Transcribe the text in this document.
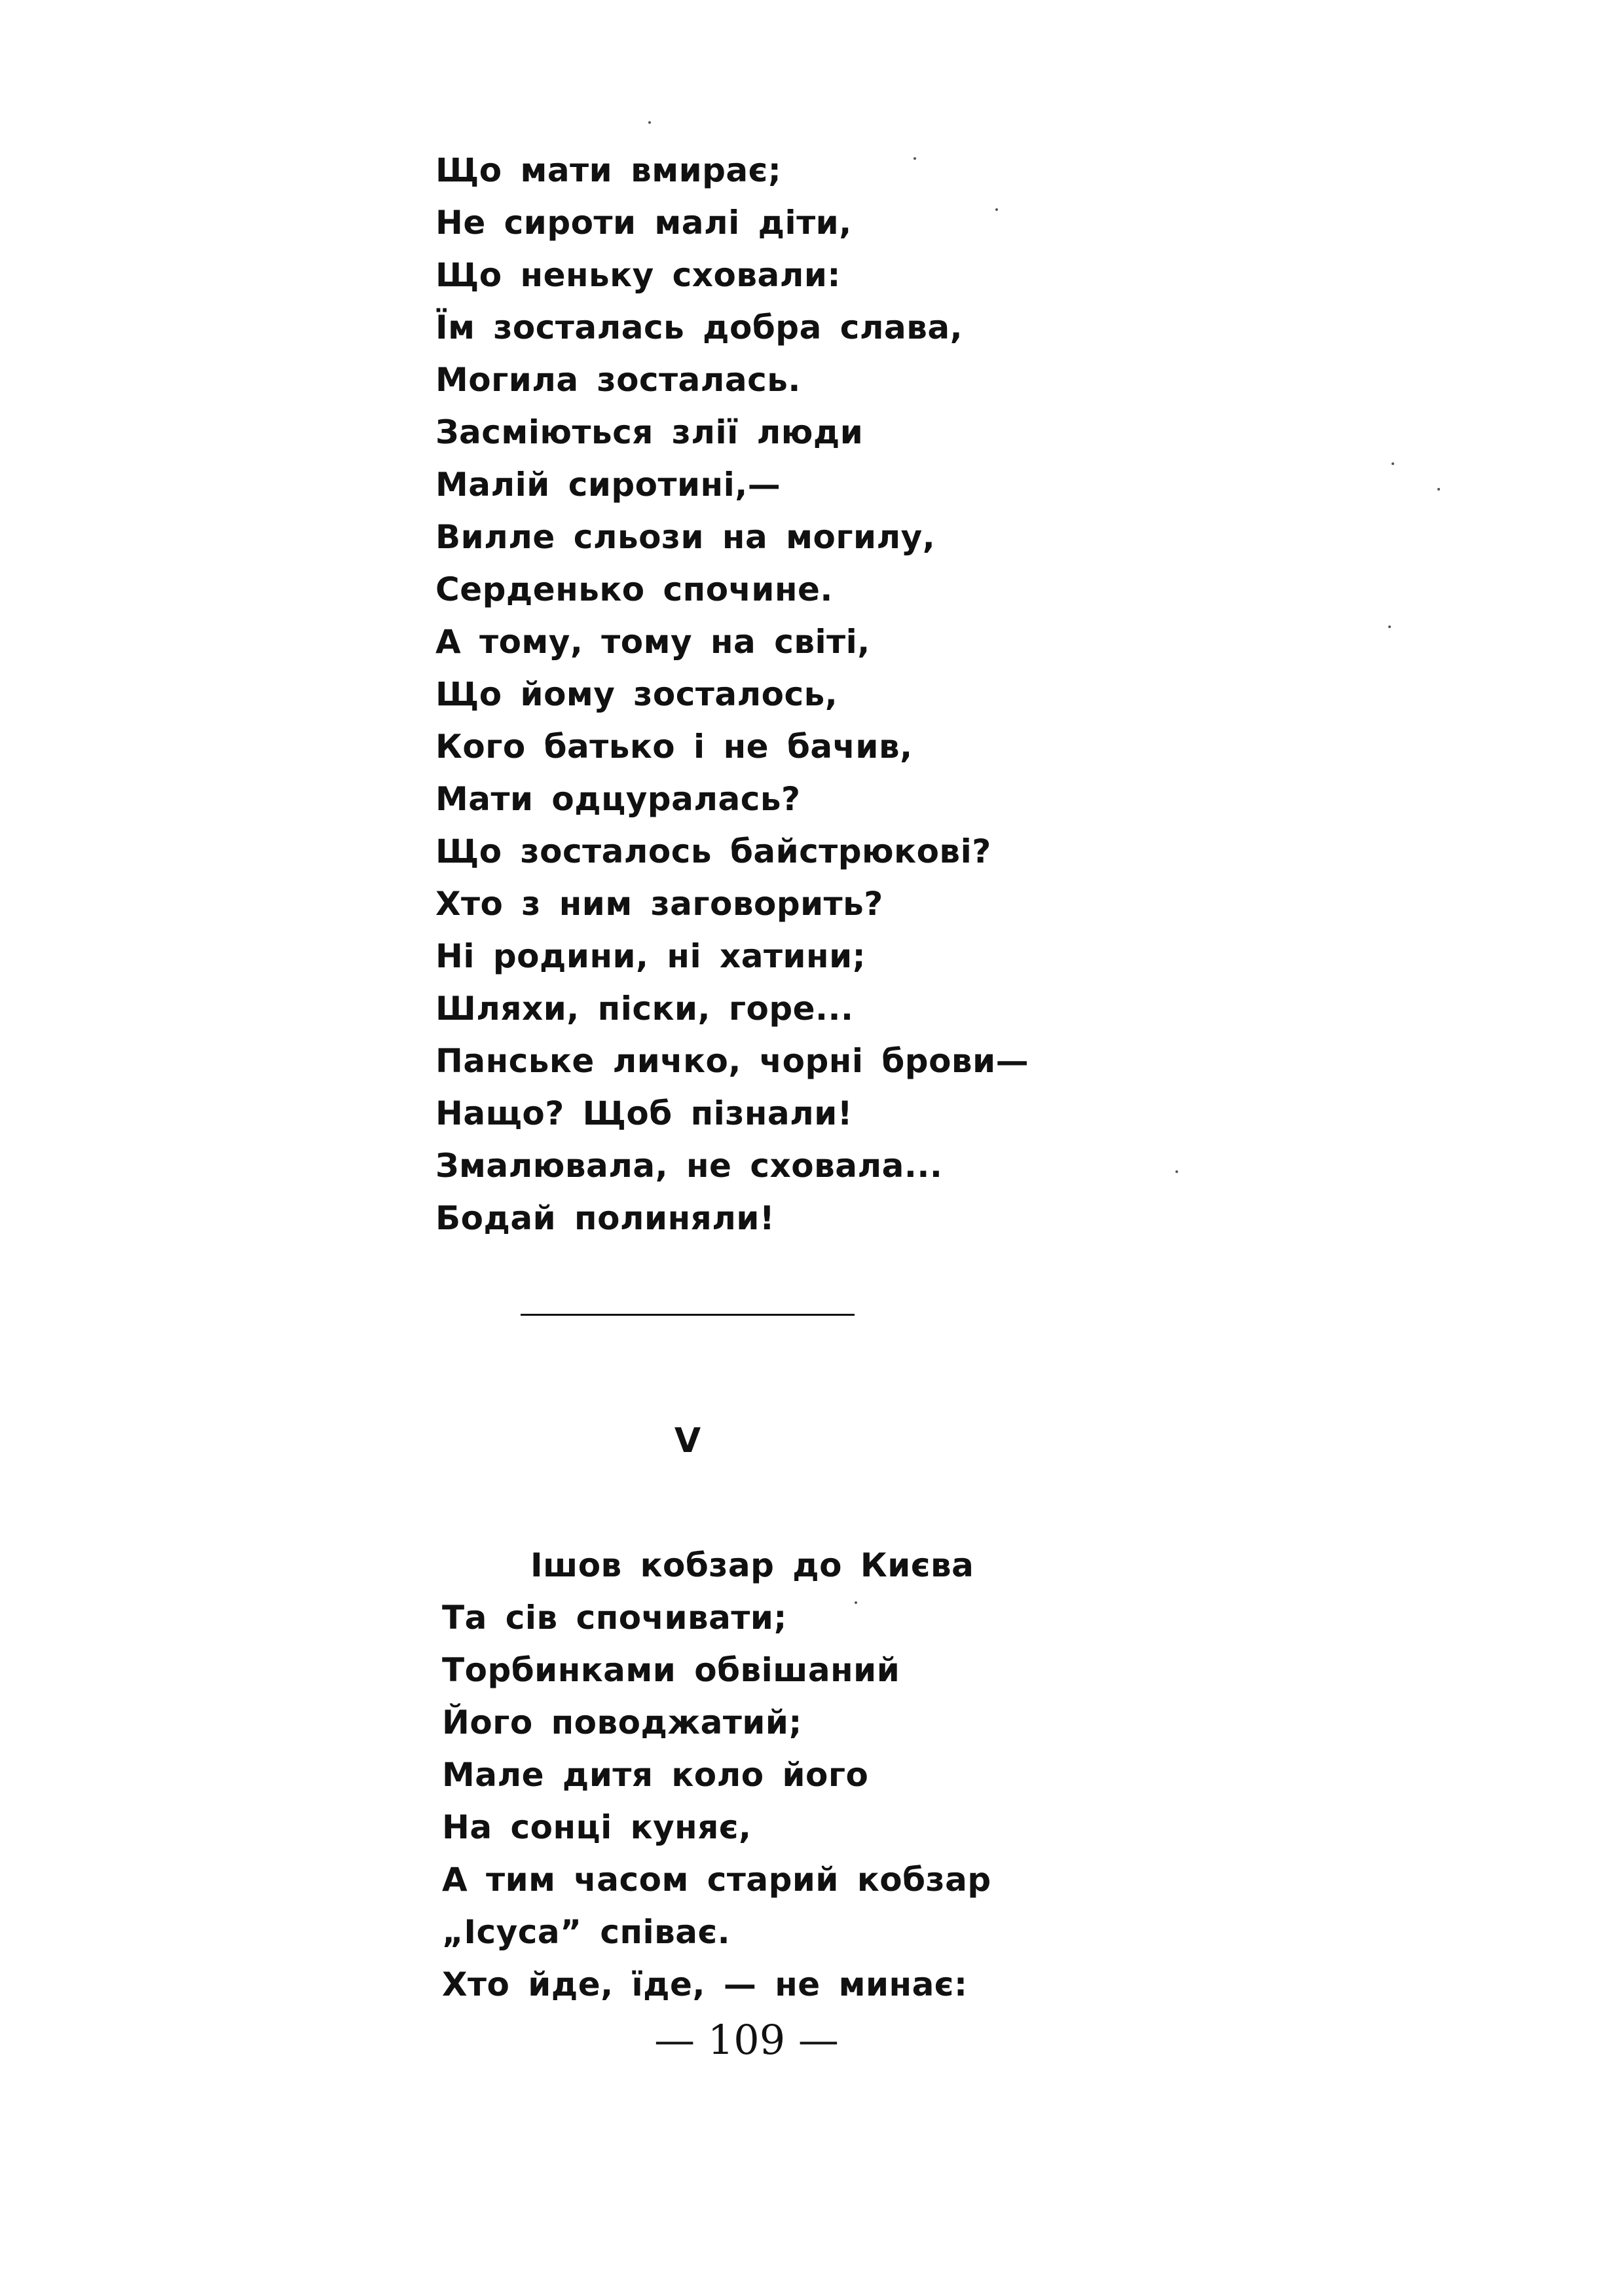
Що мати вмирає;
Не сироти малі діти,
Що неньку сховали:
Їм зосталась добра слава,
Могила зосталась.
Засміються злії люди
Малій сиротині,—
Вилле сльози на могилу,
Серденько спочине.
А тому, тому на світі,
Що йому зосталось,
Кого батько і не бачив,
Мати одцуралась?
Що зосталось байстрюкові?
Хто з ним заговорить?
Ні родини, ні хатини;
Шляхи, піски, горе...
Панське личко, чорні брови—
Нащо? Щоб пізнали!
Змалювала, не сховала...
Бодай полиняли!
V
Ішов кобзар до Києва
Та сів спочивати;
Торбинками обвішаний
Його поводжатий;
Мале дитя коло його
На сонці куняє,
А тим часом старий кобзар
„Ісуса” співає.
Хто йде, їде, — не минає:
— 109 —
